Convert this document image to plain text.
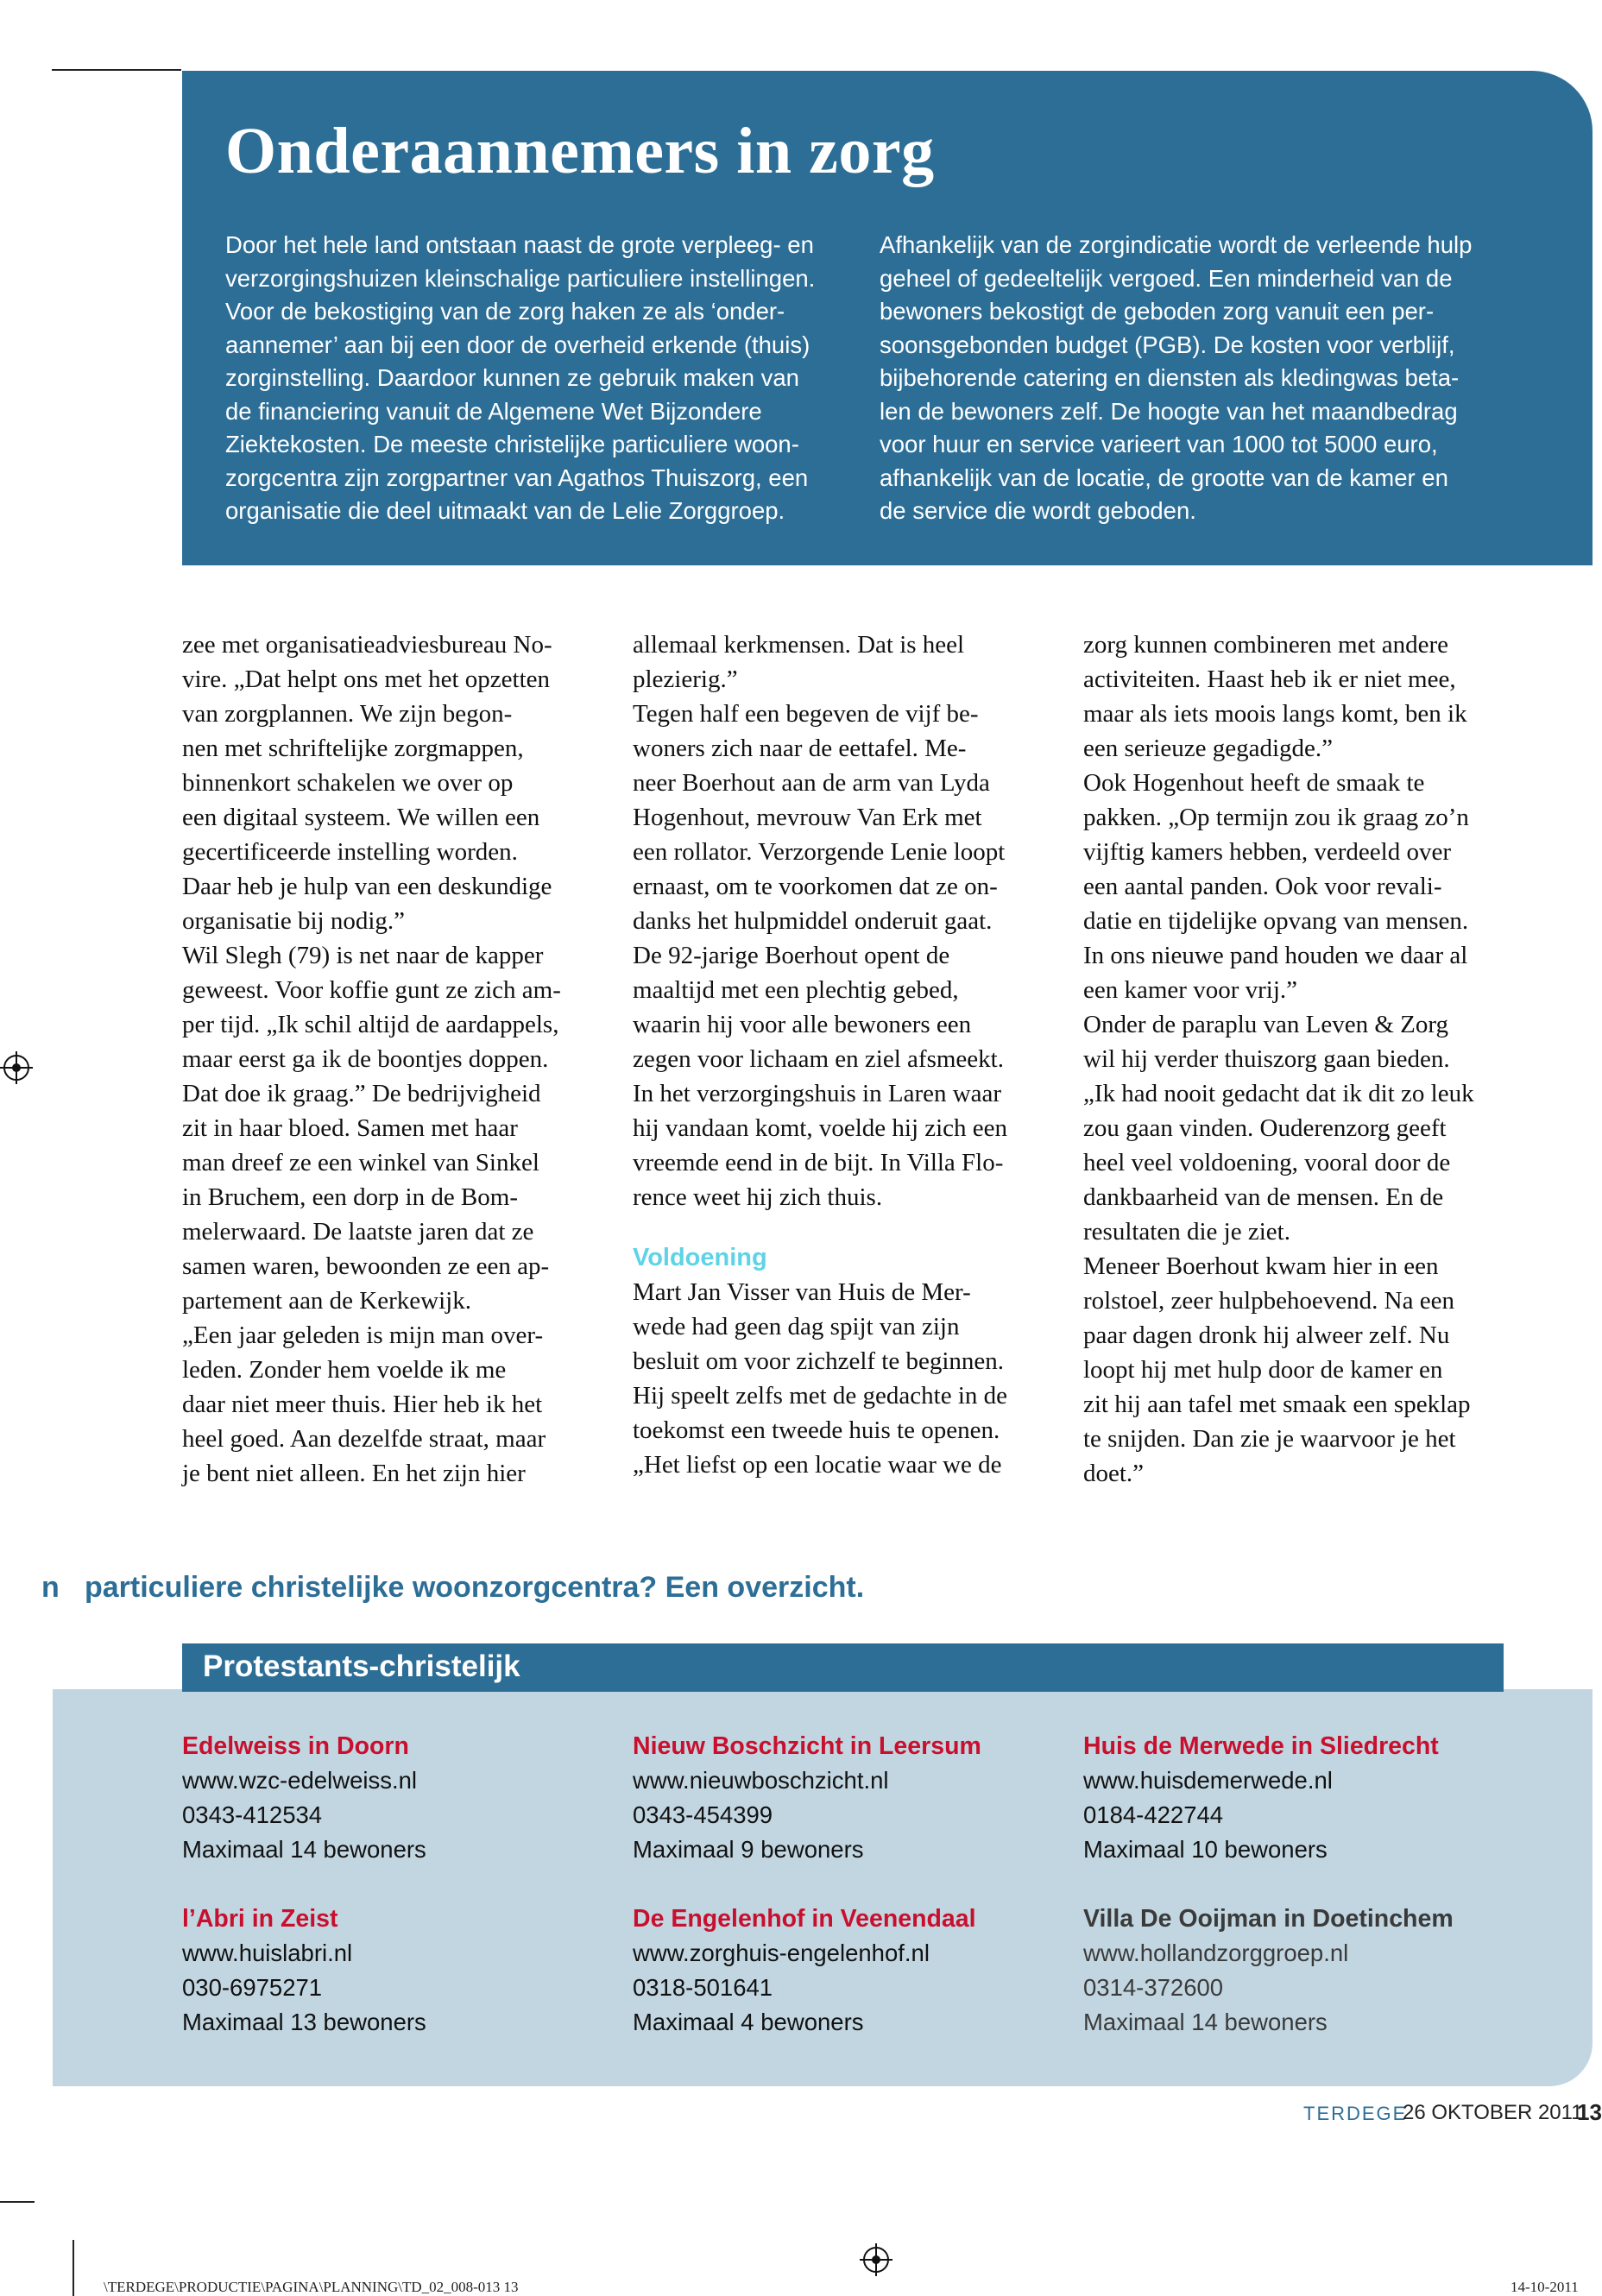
Onderaannemers in zorg
Door het hele land ontstaan naast de grote verpleeg- en
verzorgingshuizen kleinschalige particuliere instellingen.
Voor de bekostiging van de zorg haken ze als ‘onder-
aannemer’ aan bij een door de overheid erkende (thuis)
zorginstelling. Daardoor kunnen ze gebruik maken van
de financiering vanuit de Algemene Wet Bijzondere
Ziektekosten. De meeste christelijke particuliere woon-
zorgcentra zijn zorgpartner van Agathos Thuiszorg, een
organisatie die deel uitmaakt van de Lelie Zorggroep.
Afhankelijk van de zorgindicatie wordt de verleende hulp
geheel of gedeeltelijk vergoed. Een minderheid van de
bewoners bekostigt de geboden zorg vanuit een per-
soonsgebonden budget (PGB). De kosten voor verblijf,
bijbehorende catering en diensten als kledingwas beta-
len de bewoners zelf. De hoogte van het maandbedrag
voor huur en service varieert van 1000 tot 5000 euro,
afhankelijk van de locatie, de grootte van de kamer en
de service die wordt geboden.
zee met organisatieadviesbureau No-
vire. „Dat helpt ons met het opzetten
van zorgplannen. We zijn begon-
nen met schriftelijke zorgmappen,
binnenkort schakelen we over op
een digitaal systeem. We willen een
gecertificeerde instelling worden.
Daar heb je hulp van een deskundige
organisatie bij nodig.”
Wil Slegh (79) is net naar de kapper
geweest. Voor koffie gunt ze zich am-
per tijd. „Ik schil altijd de aardappels,
maar eerst ga ik de boontjes doppen.
Dat doe ik graag.” De bedrijvigheid
zit in haar bloed. Samen met haar
man dreef ze een winkel van Sinkel
in Bruchem, een dorp in de Bom-
melerwaard. De laatste jaren dat ze
samen waren, bewoonden ze een ap-
partement aan de Kerkewijk.
„Een jaar geleden is mijn man over-
leden. Zonder hem voelde ik me
daar niet meer thuis. Hier heb ik het
heel goed. Aan dezelfde straat, maar
je bent niet alleen. En het zijn hier
allemaal kerkmensen. Dat is heel
plezierig.”
Tegen half een begeven de vijf be-
woners zich naar de eettafel. Me-
neer Boerhout aan de arm van Lyda
Hogenhout, mevrouw Van Erk met
een rollator. Verzorgende Lenie loopt
ernaast, om te voorkomen dat ze on-
danks het hulpmiddel onderuit gaat.
De 92-jarige Boerhout opent de
maaltijd met een plechtig gebed,
waarin hij voor alle bewoners een
zegen voor lichaam en ziel afsmeekt.
In het verzorgingshuis in Laren waar
hij vandaan komt, voelde hij zich een
vreemde eend in de bijt. In Villa Flo-
rence weet hij zich thuis.
Voldoening
Mart Jan Visser van Huis de Mer-
wede had geen dag spijt van zijn
besluit om voor zichzelf te beginnen.
Hij speelt zelfs met de gedachte in de
toekomst een tweede huis te openen.
„Het liefst op een locatie waar we de
zorg kunnen combineren met andere
activiteiten. Haast heb ik er niet mee,
maar als iets moois langs komt, ben ik
een serieuze gegadigde.”
Ook Hogenhout heeft de smaak te
pakken. „Op termijn zou ik graag zo’n
vijftig kamers hebben, verdeeld over
een aantal panden. Ook voor revali-
datie en tijdelijke opvang van mensen.
In ons nieuwe pand houden we daar al
een kamer voor vrij.”
Onder de paraplu van Leven & Zorg
wil hij verder thuiszorg gaan bieden.
„Ik had nooit gedacht dat ik dit zo leuk
zou gaan vinden. Ouderenzorg geeft
heel veel voldoening, vooral door de
dankbaarheid van de mensen. En de
resultaten die je ziet.
Meneer Boerhout kwam hier in een
rolstoel, zeer hulpbehoevend. Na een
paar dagen dronk hij alweer zelf. Nu
loopt hij met hulp door de kamer en
zit hij aan tafel met smaak een speklap
te snijden. Dan zie je waarvoor je het
doet.”
n particuliere christelijke woonzorgcentra? Een overzicht.
Protestants-christelijk
Edelweiss in Doorn
www.wzc-edelweiss.nl
0343-412534
Maximaal 14 bewoners
Nieuw Boschzicht in Leersum
www.nieuwboschzicht.nl
0343-454399
Maximaal 9 bewoners
Huis de Merwede in Sliedrecht
www.huisdemerwede.nl
0184-422744
Maximaal 10 bewoners
l’Abri in Zeist
www.huislabri.nl
030-6975271
Maximaal 13 bewoners
De Engelenhof in Veenendaal
www.zorghuis-engelenhof.nl
0318-501641
Maximaal 4 bewoners
Villa De Ooijman in Doetinchem
www.hollandzorggroep.nl
0314-372600
Maximaal 14 bewoners
TERDEGE
26 OKTOBER 2011
13
\TERDEGE\PRODUCTIE\PAGINA\PLANNING\TD_02_008-013 13	14-10-2011
